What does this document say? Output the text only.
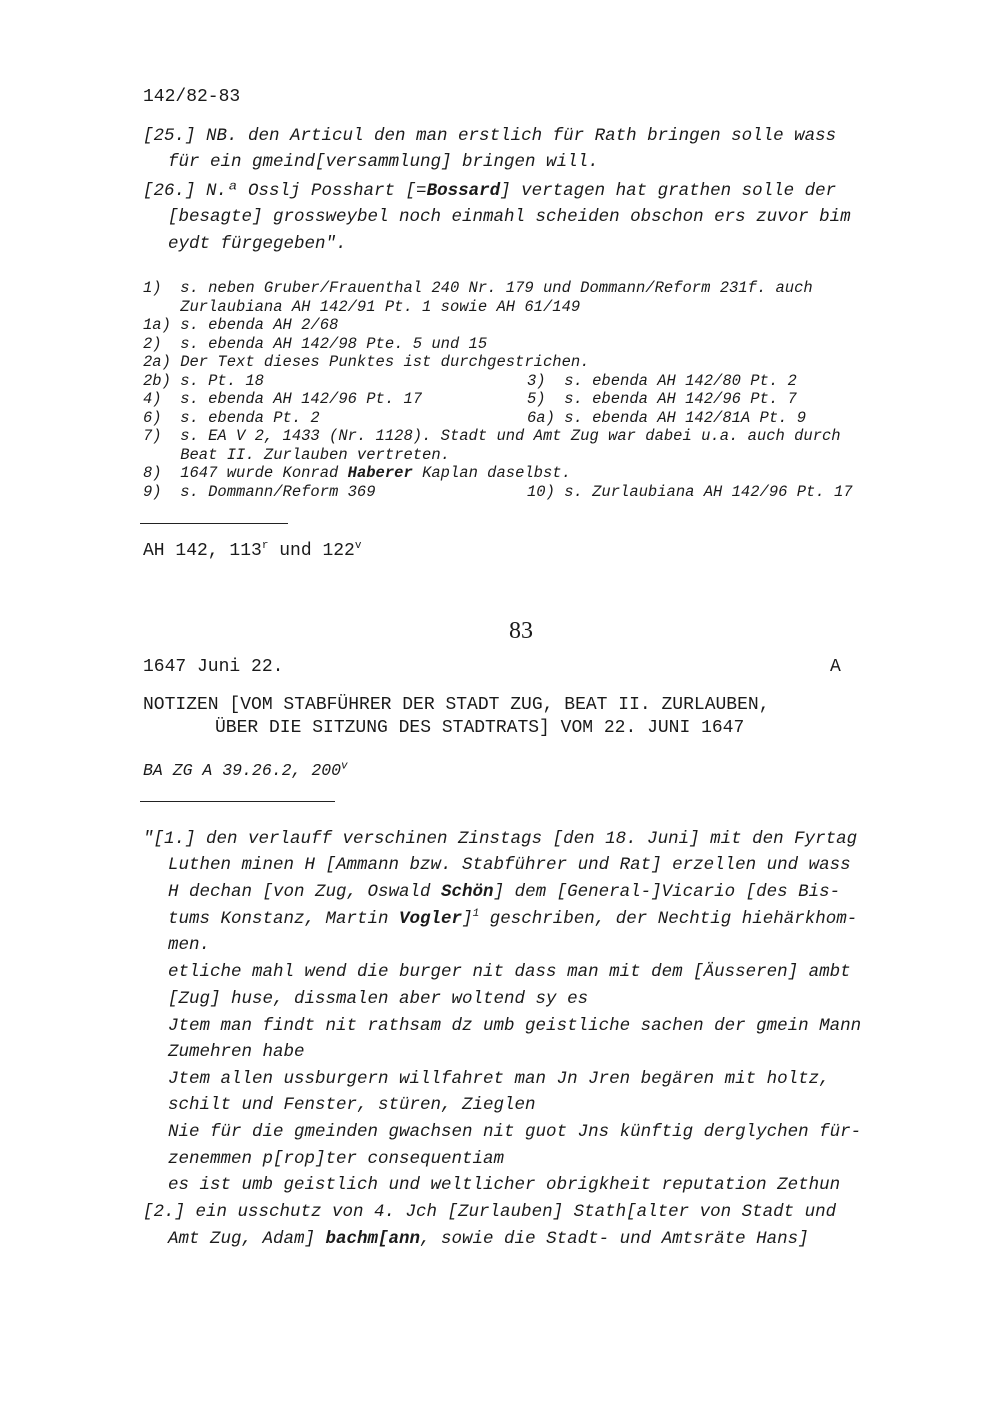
142/82-83
[25.] NB. den Articul den man erstlich für Rath bringen solle wass
für ein gmeind[versammlung] bringen will.
[26.] N.ª Osslj Posshart [=Bossard] vertagen hat grathen solle der
[besagte] grossweybel noch einmahl scheiden obschon ers zuvor bim
eydt fürgegeben".
1)  s. neben Gruber/Frauenthal 240 Nr. 179 und Dommann/Reform 231f. auch
Zurlaubiana AH 142/91 Pt. 1 sowie AH 61/149
1a) s. ebenda AH 2/68
2)  s. ebenda AH 142/98 Pte. 5 und 15
2a) Der Text dieses Punktes ist durchgestrichen.
2b) s. Pt. 18	3)  s. ebenda AH 142/80 Pt. 2
4)  s. ebenda AH 142/96 Pt. 17	5)  s. ebenda AH 142/96 Pt. 7
6)  s. ebenda Pt. 2	6a) s. ebenda AH 142/81A Pt. 9
7)  s. EA V 2, 1433 (Nr. 1128). Stadt und Amt Zug war dabei u.a. auch durch
Beat II. Zurlauben vertreten.
8)  1647 wurde Konrad Haberer Kaplan daselbst.
9)  s. Dommann/Reform 369	10) s. Zurlaubiana AH 142/96 Pt. 17
AH 142, 113$^r$ und 122$^v$
83
1647 Juni 22.	A
NOTIZEN [VOM STABFÜHRER DER STADT ZUG, BEAT II. ZURLAUBEN,
ÜBER DIE SITZUNG DES STADTRATS] VOM 22. JUNI 1647
BA ZG A 39.26.2, 200$^v$
"[1.] den verlauff verschinen Zinstags [den 18. Juni] mit den Fyrtag
Luthen minen H [Ammann bzw. Stabführer und Rat] erzellen und wass
H dechan [von Zug, Oswald Schön] dem [General-]Vicario [des Bis-
tums Konstanz, Martin Vogler]$^1$ geschriben, der Nechtig hiehärkhom-
men.
etliche mahl wend die burger nit dass man mit dem [Äusseren] ambt
[Zug] huse, dissmalen aber woltend sy es
Jtem man findt nit rathsam dz umb geistliche sachen der gmein Mann
Zumehren habe
Jtem allen ussburgern willfahret man Jn Jren begären mit holtz,
schilt und Fenster, stüren, Zieglen
Nie für die gmeinden gwachsen nit guot Jns künftig derglychen für-
zenemmen p[rop]ter consequentiam
es ist umb geistlich und weltlicher obrigkheit reputation Zethun
[2.] ein usschutz von 4. Jch [Zurlauben] Stath[alter von Stadt und
Amt Zug, Adam] bachm[ann, sowie die Stadt- und Amtsräte Hans]
